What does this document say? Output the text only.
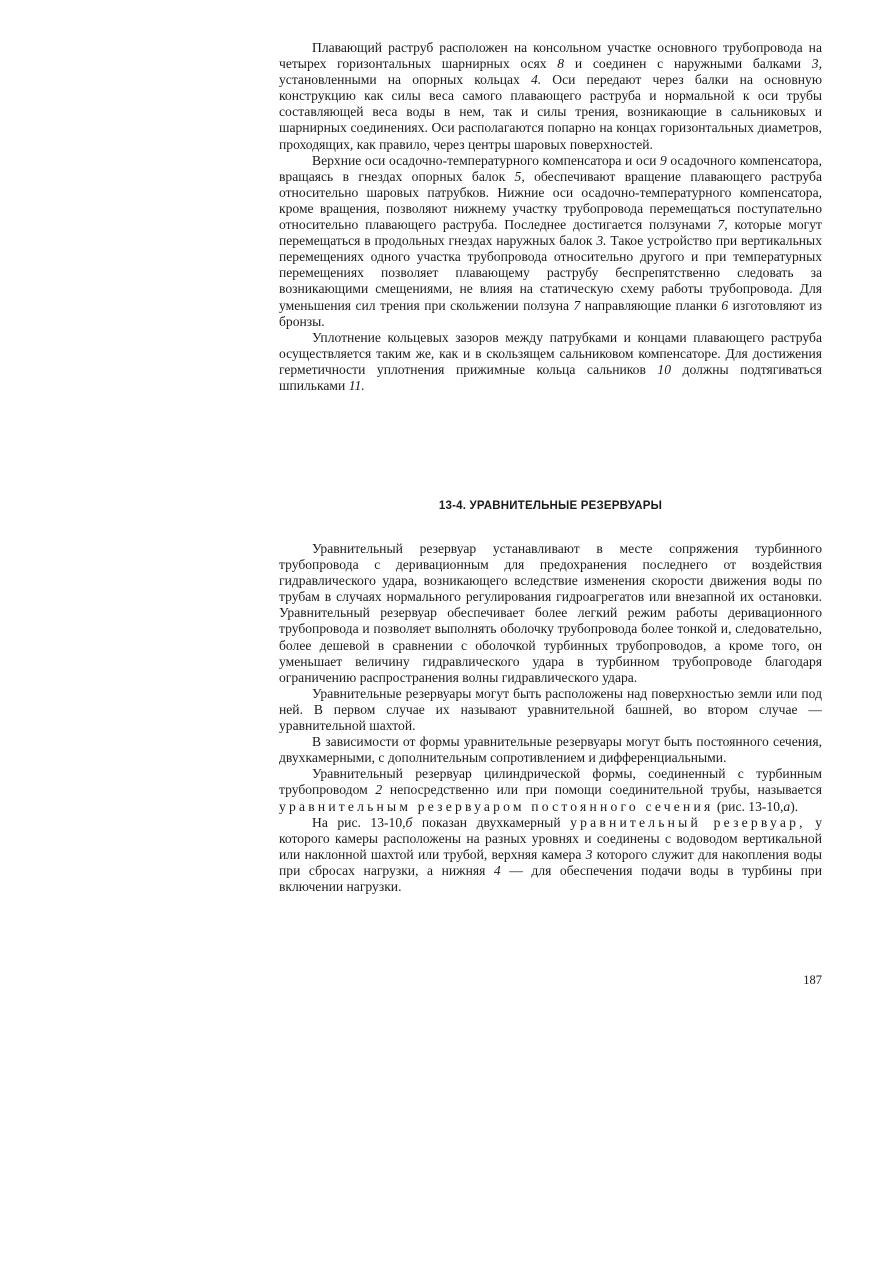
Плавающий раструб расположен на консольном участке основного трубопровода на четырех горизонтальных шарнирных осях 8 и соединен с наружными балками 3, установленными на опорных кольцах 4. Оси передают через балки на основную конструкцию как силы веса самого плавающего раструба и нормальной к оси трубы составляющей веса воды в нем, так и силы трения, возникающие в сальниковых и шарнирных соединениях. Оси располагаются попарно на концах горизонтальных диаметров, проходящих, как правило, через центры шаровых поверхностей.

Верхние оси осадочно-температурного компенсатора и оси 9 осадочного компенсатора, вращаясь в гнездах опорных балок 5, обеспечивают вращение плавающего раструба относительно шаровых патрубков. Нижние оси осадочно-температурного компенсатора, кроме вращения, позволяют нижнему участку трубопровода перемещаться поступательно относительно плавающего раструба. Последнее достигается ползунами 7, которые могут перемещаться в продольных гнездах наружных балок 3. Такое устройство при вертикальных перемещениях одного участка трубопровода относительно другого и при температурных перемещениях позволяет плавающему раструбу беспрепятственно следовать за возникающими смещениями, не влияя на статическую схему работы трубопровода. Для уменьшения сил трения при скольжении ползуна 7 направляющие планки 6 изготовляют из бронзы.

Уплотнение кольцевых зазоров между патрубками и концами плавающего раструба осуществляется таким же, как и в скользящем сальниковом компенсаторе. Для достижения герметичности уплотнения прижимные кольца сальников 10 должны подтягиваться шпильками 11.

13-4. УРАВНИТЕЛЬНЫЕ РЕЗЕРВУАРЫ

Уравнительный резервуар устанавливают в месте сопряжения турбинного трубопровода с деривационным для предохранения последнего от воздействия гидравлического удара, возникающего вследствие изменения скорости движения воды по трубам в случаях нормального регулирования гидроагрегатов или внезапной их остановки. Уравнительный резервуар обеспечивает более легкий режим работы деривационного трубопровода и позволяет выполнять оболочку трубопровода более тонкой и, следовательно, более дешевой в сравнении с оболочкой турбинных трубопроводов, а кроме того, он уменьшает величину гидравлического удара в турбинном трубопроводе благодаря ограничению распространения волны гидравлического удара.

Уравнительные резервуары могут быть расположены над поверхностью земли или под ней. В первом случае их называют уравнительной башней, во втором случае — уравнительной шахтой.

В зависимости от формы уравнительные резервуары могут быть постоянного сечения, двухкамерными, с дополнительным сопротивлением и дифференциальными.

Уравнительный резервуар цилиндрической формы, соединенный с турбинным трубопроводом 2 непосредственно или при помощи соединительной трубы, называется уравнительным резервуаром постоянного сечения (рис. 13-10,а).

На рис. 13-10,б показан двухкамерный уравнительный резервуар, у которого камеры расположены на разных уровнях и соединены с водоводом вертикальной или наклонной шахтой или трубой, верхняя камера 3 которого служит для накопления воды при сбросах нагрузки, а нижняя 4 — для обеспечения подачи воды в турбины при включении нагрузки.

187
